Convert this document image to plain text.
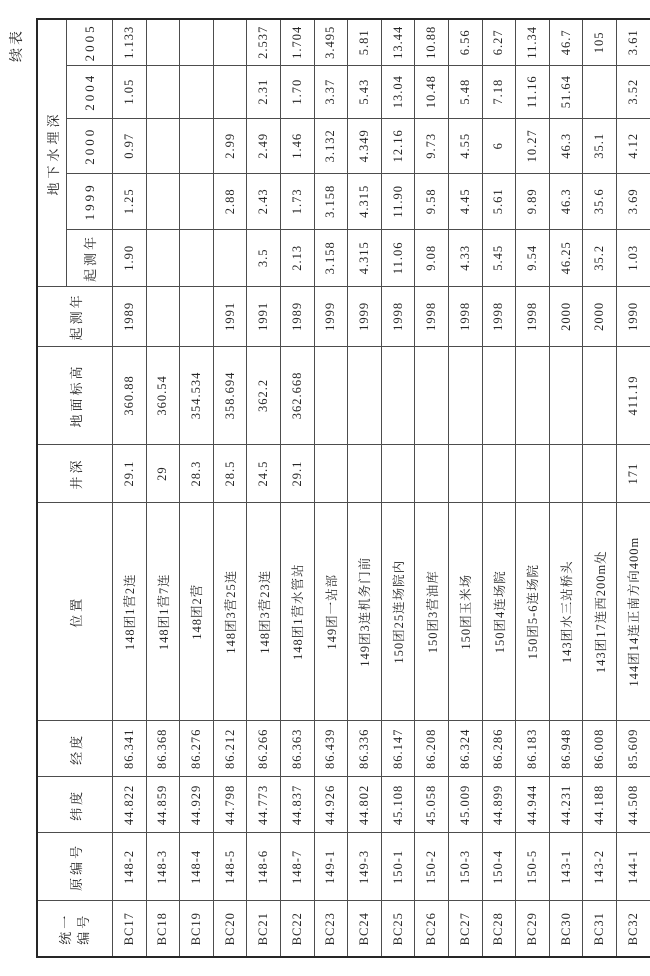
续表
统一编号	原编号	纬度	经度	位置	井深	地面标高	起测年	地下水埋深				
								起测年	1999	2000	2004	2005
BC17	148-2	44.822	86.341	148团1营2连	29.1	360.88	1989	1.90	1.25	0.97	1.05	1.133
BC18	148-3	44.859	86.368	148团1营7连	29	360.54						
BC19	148-4	44.929	86.276	148团2营	28.3	354.534						
BC20	148-5	44.798	86.212	148团3营25连	28.5	358.694	1991		2.88	2.99		
BC21	148-6	44.773	86.266	148团3营23连	24.5	362.2	1991	3.5	2.43	2.49	2.31	2.537
BC22	148-7	44.837	86.363	148团1营水管站	29.1	362.668	1989	2.13	1.73	1.46	1.70	1.704
BC23	149-1	44.926	86.439	149团一站部			1999	3.158	3.158	3.132	3.37	3.495
BC24	149-3	44.802	86.336	149团3连机务门前			1999	4.315	4.315	4.349	5.43	5.81
BC25	150-1	45.108	86.147	150团25连场院内			1998	11.06	11.90	12.16	13.04	13.44
BC26	150-2	45.058	86.208	150团3营油库			1998	9.08	9.58	9.73	10.48	10.88
BC27	150-3	45.009	86.324	150团玉米场			1998	4.33	4.45	4.55	5.48	6.56
BC28	150-4	44.899	86.286	150团4连场院			1998	5.45	5.61	6	7.18	6.27
BC29	150-5	44.944	86.183	150团5-6连场院			1998	9.54	9.89	10.27	11.16	11.34
BC30	143-1	44.231	86.948	143团水三站桥头			2000	46.25	46.3	46.3	51.64	46.7
BC31	143-2	44.188	86.008	143团17连西200m处			2000	35.2	35.6	35.1		105
BC32	144-1	44.508	85.609	144团14连正南方向400m	171	411.19	1990	1.03	3.69	4.12	3.52	3.61
